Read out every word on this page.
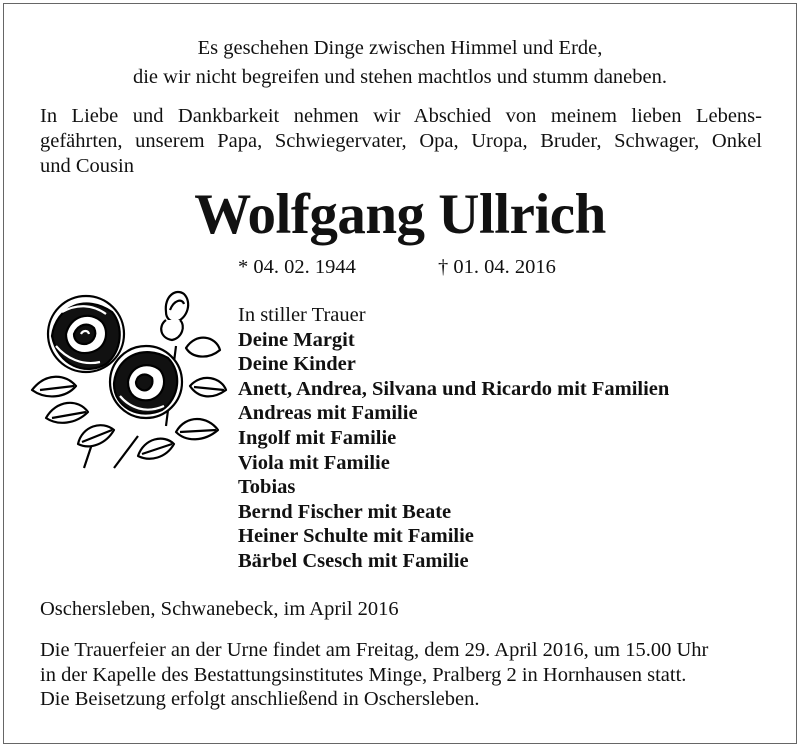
Es geschehen Dinge zwischen Himmel und Erde,
die wir nicht begreifen und stehen machtlos und stumm daneben.
In Liebe und Dankbarkeit nehmen wir Abschied von meinem lieben Lebens-
gefährten, unserem Papa, Schwiegervater, Opa, Uropa, Bruder, Schwager, Onkel
und Cousin
Wolfgang Ullrich
* 04. 02. 1944	† 01. 04. 2016
In stiller Trauer
Deine Margit
Deine Kinder
Anett, Andrea, Silvana und Ricardo mit Familien
Andreas mit Familie
Ingolf mit Familie
Viola mit Familie
Tobias
Bernd Fischer mit Beate
Heiner Schulte mit Familie
Bärbel Csesch mit Familie
Oschersleben, Schwanebeck, im April 2016
Die Trauerfeier an der Urne findet am Freitag, dem 29. April 2016, um 15.00 Uhr
in der Kapelle des Bestattungsinstitutes Minge, Pralberg 2 in Hornhausen statt.
Die Beisetzung erfolgt anschließend in Oschersleben.
